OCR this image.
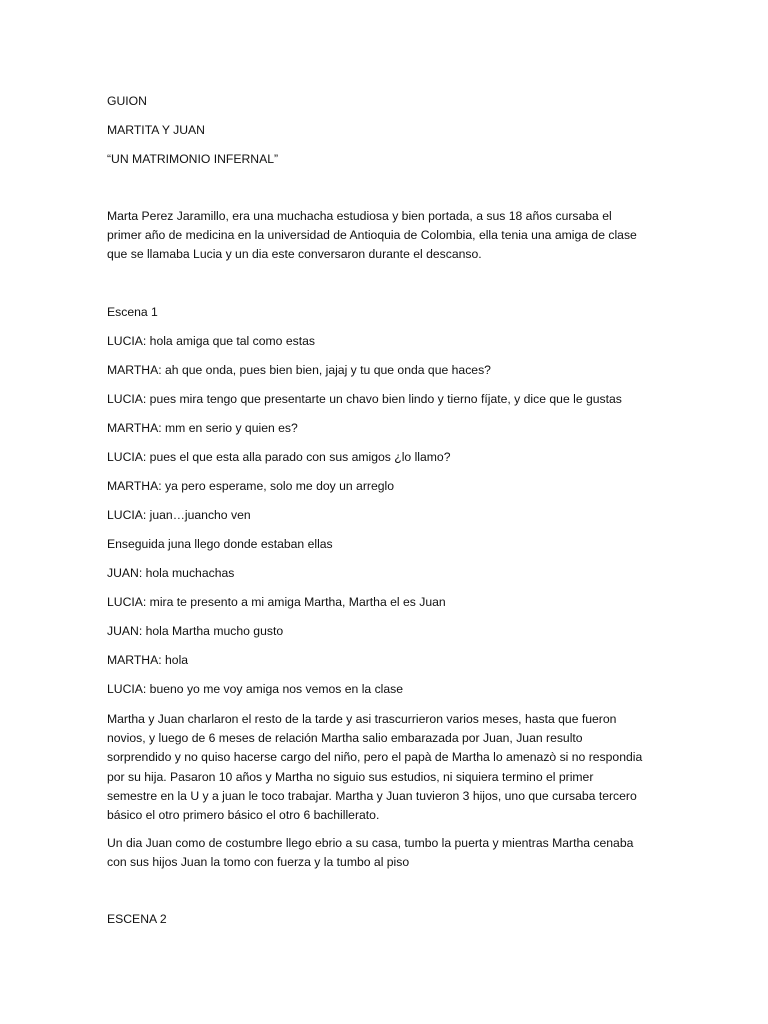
GUION
MARTITA Y JUAN
“UN MATRIMONIO INFERNAL”

Marta Perez Jaramillo, era una muchacha estudiosa y bien portada, a sus 18 años cursaba el

primer año de medicina en la universidad de Antioquia de Colombia, ella tenia una amiga de clase

que se llamaba Lucia y un dia este conversaron durante el descanso.

Escena 1
LUCIA: hola amiga que tal como estas
MARTHA: ah que onda, pues bien bien, jajaj y tu que onda que haces?
LUCIA: pues mira tengo que presentarte un chavo bien lindo y tierno fíjate, y dice que le gustas
MARTHA: mm en serio y quien es?
LUCIA: pues el que esta alla parado con sus amigos ¿lo llamo?
MARTHA: ya pero esperame, solo me doy un arreglo
LUCIA: juan…juancho ven
Enseguida juna llego donde estaban ellas
JUAN: hola muchachas
LUCIA: mira te presento a mi amiga Martha, Martha el es Juan
JUAN: hola Martha mucho gusto
MARTHA: hola
LUCIA: bueno yo me voy amiga nos vemos en la clase

Martha y Juan charlaron el resto de la tarde y asi trascurrieron varios meses, hasta que fueron

novios, y luego de 6 meses de relación Martha salio embarazada por Juan, Juan resulto

sorprendido y no quiso hacerse cargo del niño, pero el papà de Martha lo amenazò si no respondia

por su hija. Pasaron 10 años y Martha no siguio sus estudios, ni siquiera termino el primer

semestre en la U y a juan le toco trabajar. Martha y Juan tuvieron 3 hijos, uno que cursaba tercero

básico el otro primero básico el otro 6 bachillerato.

Un dia Juan como de costumbre llego ebrio a su casa, tumbo la puerta y mientras Martha cenaba

con sus hijos Juan la tomo con fuerza y la tumbo al piso

ESCENA 2
